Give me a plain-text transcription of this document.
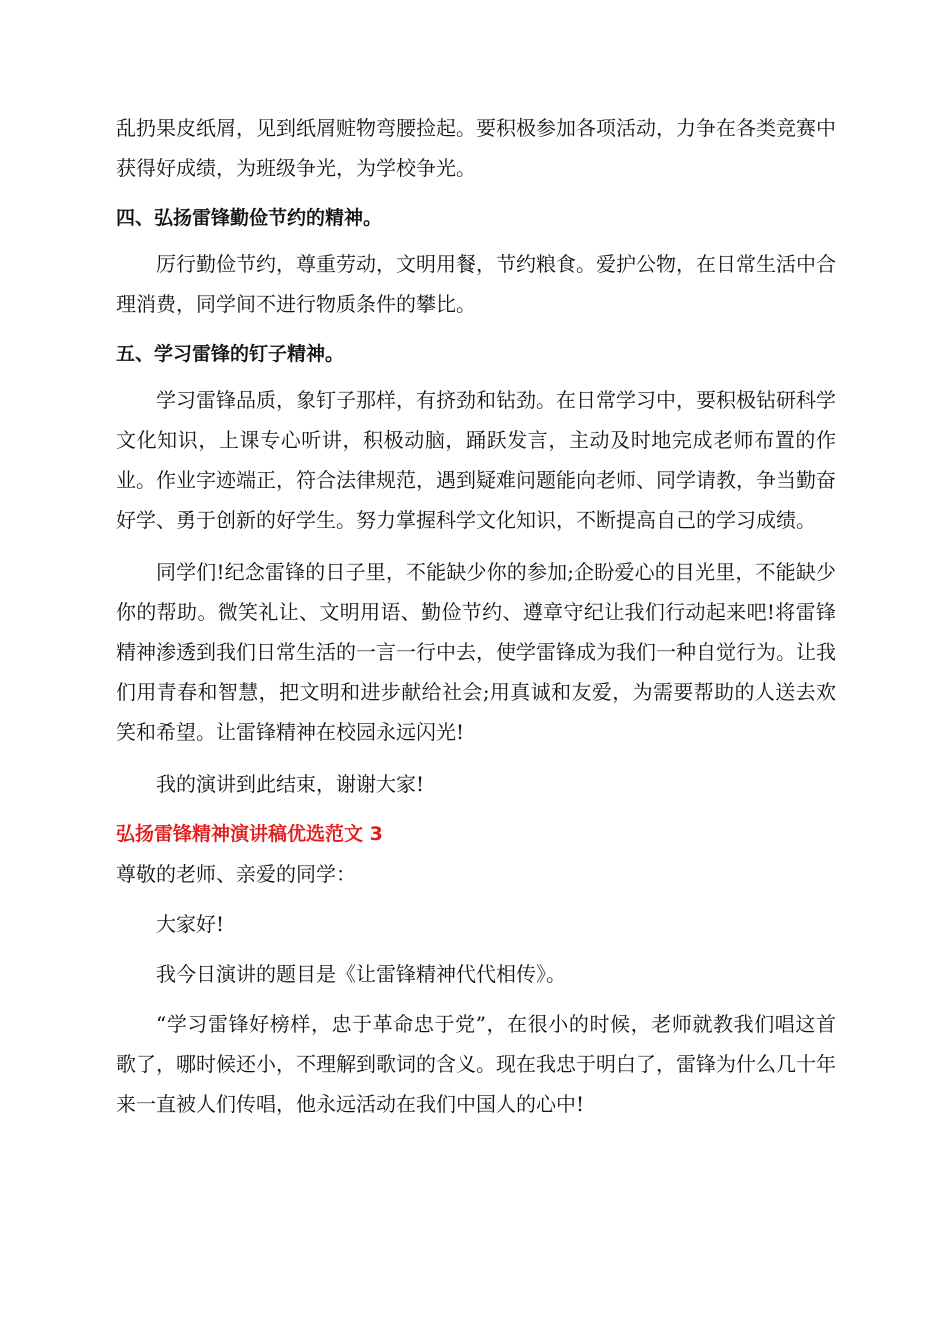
乱扔果皮纸屑，见到纸屑赃物弯腰捡起。要积极参加各项活动，力争在各类竞赛中获得好成绩，为班级争光，为学校争光。

四、弘扬雷锋勤俭节约的精神。

厉行勤俭节约，尊重劳动，文明用餐，节约粮食。爱护公物，在日常生活中合理消费，同学间不进行物质条件的攀比。

五、学习雷锋的钉子精神。

学习雷锋品质，象钉子那样，有挤劲和钻劲。在日常学习中，要积极钻研科学文化知识，上课专心听讲，积极动脑，踊跃发言，主动及时地完成老师布置的作业。作业字迹端正，符合法律规范，遇到疑难问题能向老师、同学请教，争当勤奋好学、勇于创新的好学生。努力掌握科学文化知识，不断提高自己的学习成绩。

同学们!纪念雷锋的日子里，不能缺少你的参加;企盼爱心的目光里，不能缺少你的帮助。微笑礼让、文明用语、勤俭节约、遵章守纪让我们行动起来吧!将雷锋精神渗透到我们日常生活的一言一行中去，使学雷锋成为我们一种自觉行为。让我们用青春和智慧，把文明和进步献给社会;用真诚和友爱，为需要帮助的人送去欢笑和希望。让雷锋精神在校园永远闪光!

我的演讲到此结束，谢谢大家!

弘扬雷锋精神演讲稿优选范文 3

尊敬的老师、亲爱的同学：

大家好!

我今日演讲的题目是《让雷锋精神代代相传》。

“学习雷锋好榜样，忠于革命忠于党”，在很小的时候，老师就教我们唱这首歌了，哪时候还小，不理解到歌词的含义。现在我忠于明白了，雷锋为什么几十年来一直被人们传唱，他永远活动在我们中国人的心中!
